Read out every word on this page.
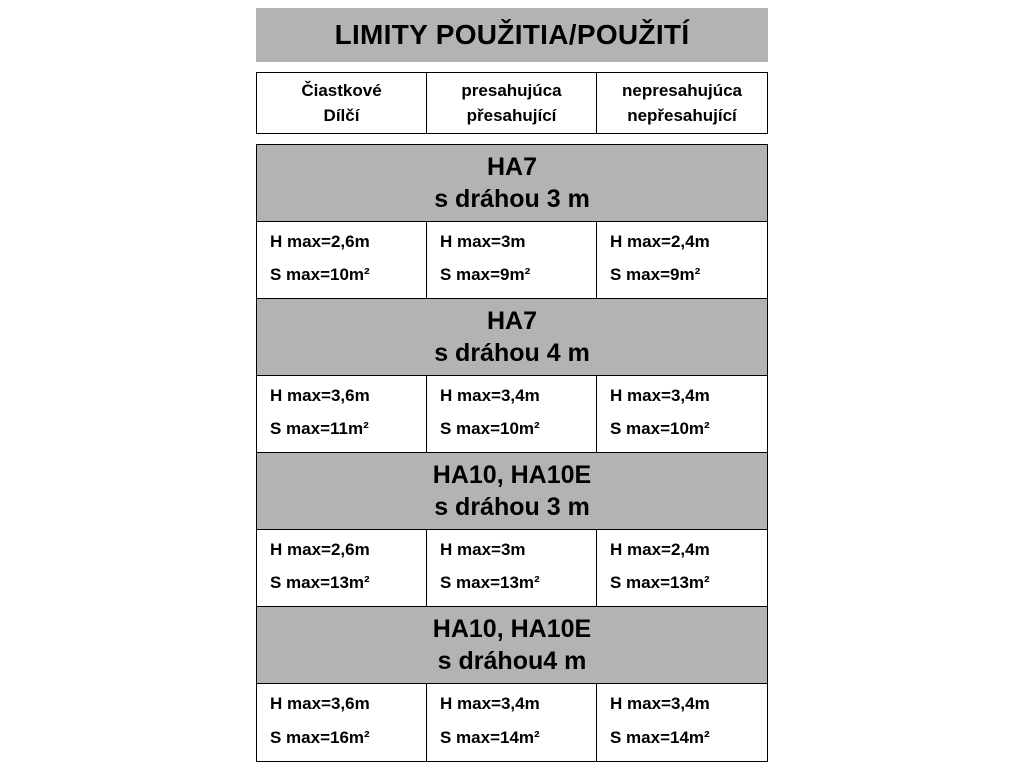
LIMITY POUŽITIA/POUŽITÍ
Čiastkové
Dílčí
presahujúca
přesahující
nepresahujúca
nepřesahující
HA7
s dráhou 3 m
H max=2,6m
S max=10m²
H max=3m
S max=9m²
H max=2,4m
S max=9m²
HA7
s dráhou 4 m
H max=3,6m
S max=11m²
H max=3,4m
S max=10m²
H max=3,4m
S max=10m²
HA10, HA10E
s dráhou 3 m
H max=2,6m
S max=13m²
H max=3m
S max=13m²
H max=2,4m
S max=13m²
HA10, HA10E
s dráhou4 m
H max=3,6m
S max=16m²
H max=3,4m
S max=14m²
H max=3,4m
S max=14m²
